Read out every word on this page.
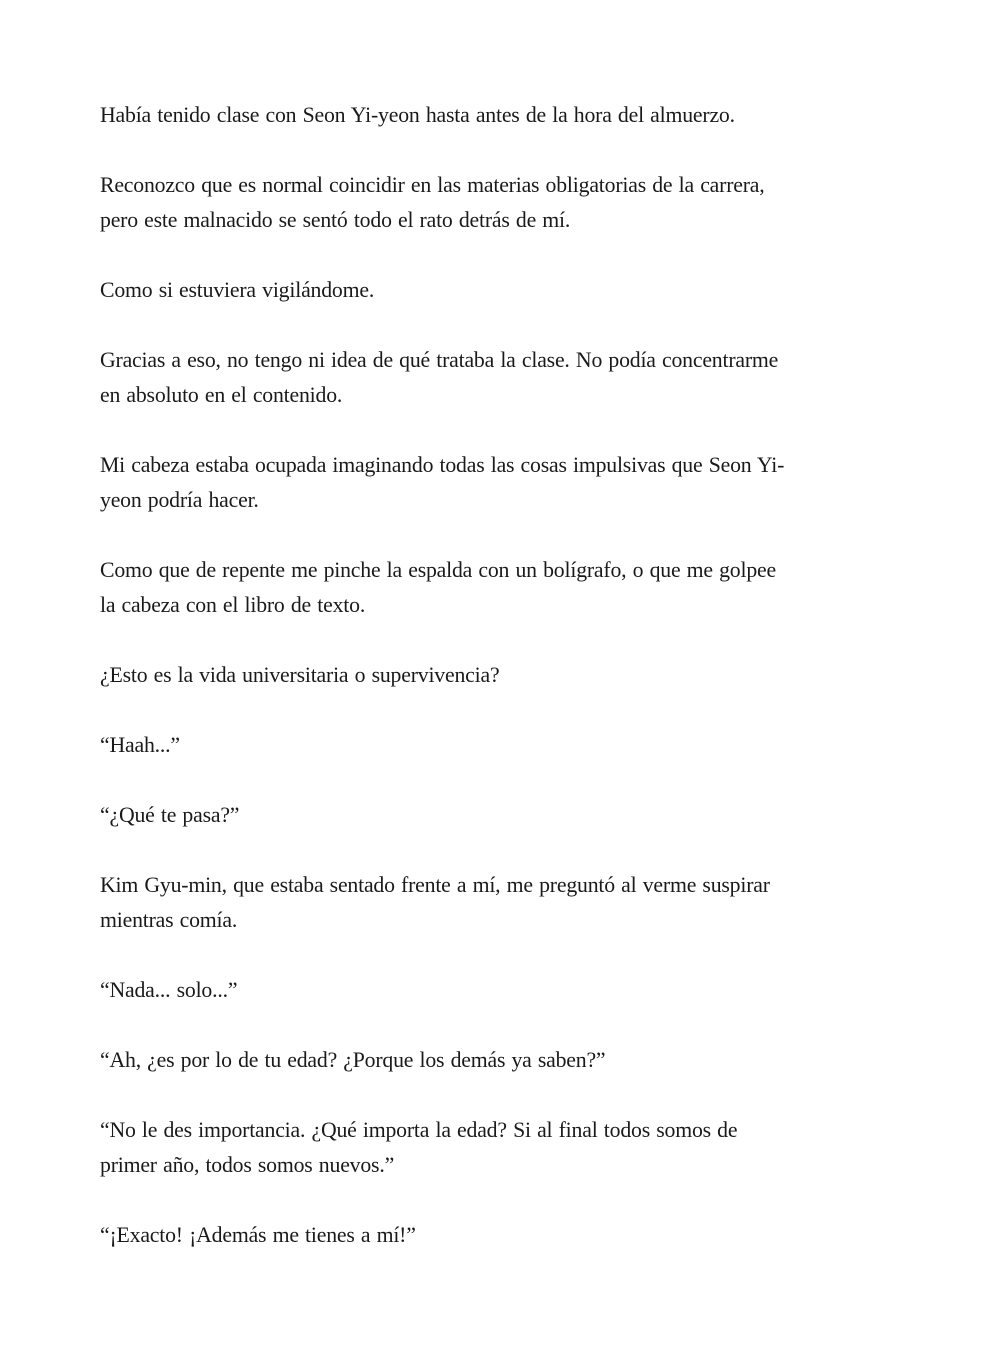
Había tenido clase con Seon Yi-yeon hasta antes de la hora del almuerzo.

Reconozco que es normal coincidir en las materias obligatorias de la carrera,
pero este malnacido se sentó todo el rato detrás de mí.

Como si estuviera vigilándome.

Gracias a eso, no tengo ni idea de qué trataba la clase. No podía concentrarme
en absoluto en el contenido.

Mi cabeza estaba ocupada imaginando todas las cosas impulsivas que Seon Yi-
yeon podría hacer.

Como que de repente me pinche la espalda con un bolígrafo, o que me golpee
la cabeza con el libro de texto.

¿Esto es la vida universitaria o supervivencia?

“Haah...”

“¿Qué te pasa?”

Kim Gyu-min, que estaba sentado frente a mí, me preguntó al verme suspirar
mientras comía.

“Nada... solo...”

“Ah, ¿es por lo de tu edad? ¿Porque los demás ya saben?”

“No le des importancia. ¿Qué importa la edad? Si al final todos somos de
primer año, todos somos nuevos.”

“¡Exacto! ¡Además me tienes a mí!”
